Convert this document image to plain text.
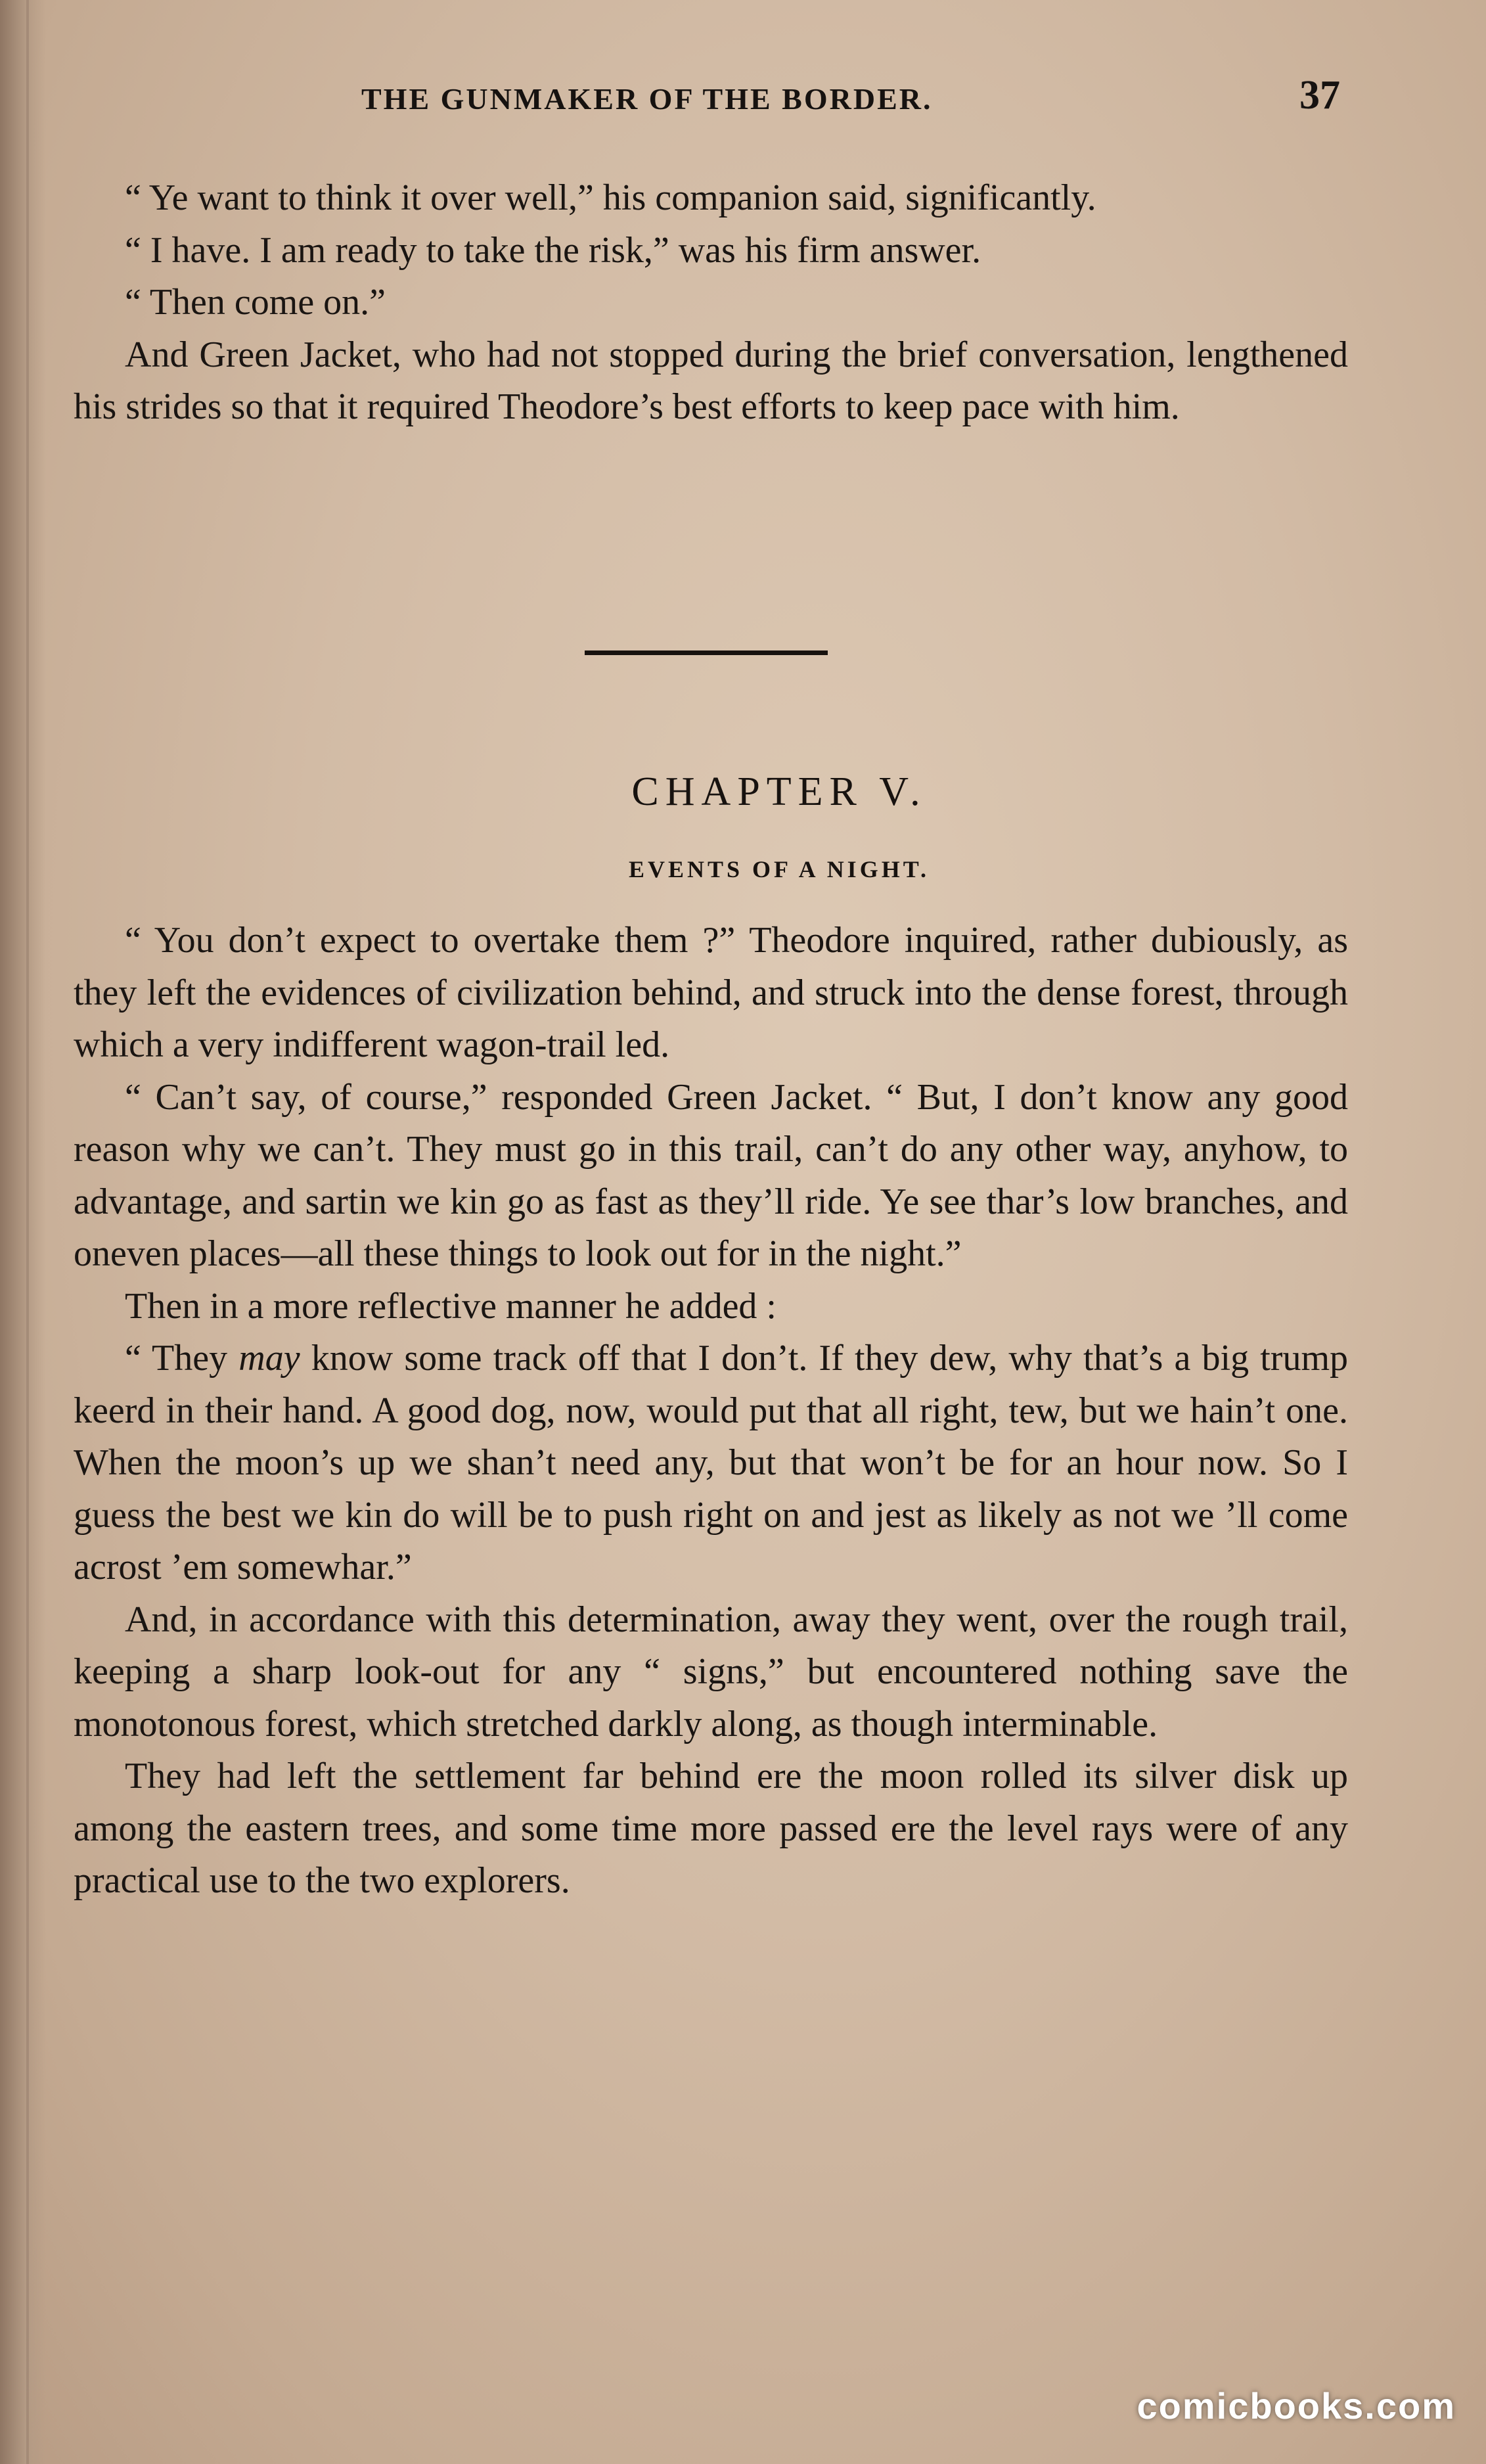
THE GUNMAKER OF THE BORDER.	37

“ Ye want to think it over well,” his companion said, significantly.

“ I have. I am ready to take the risk,” was his firm answer.

“ Then come on.”

And Green Jacket, who had not stopped during the brief conversation, lengthened his strides so that it required Theodore’s best efforts to keep pace with him.

CHAPTER V.
EVENTS OF A NIGHT.

“ You don’t expect to overtake them ?” Theodore inquired, rather dubiously, as they left the evidences of civilization behind, and struck into the dense forest, through which a very indifferent wagon-trail led.

“ Can’t say, of course,” responded Green Jacket. “ But, I don’t know any good reason why we can’t. They must go in this trail, can’t do any other way, anyhow, to advantage, and sartin we kin go as fast as they’ll ride. Ye see thar’s low branches, and oneven places—all these things to look out for in the night.”

Then in a more reflective manner he added :

“ They may know some track off that I don’t. If they dew, why that’s a big trump keerd in their hand. A good dog, now, would put that all right, tew, but we hain’t one. When the moon’s up we shan’t need any, but that won’t be for an hour now. So I guess the best we kin do will be to push right on and jest as likely as not we ’ll come acrost ’em somewhar.”

And, in accordance with this determination, away they went, over the rough trail, keeping a sharp look-out for any “ signs,” but encountered nothing save the monotonous forest, which stretched darkly along, as though interminable.

They had left the settlement far behind ere the moon rolled its silver disk up among the eastern trees, and some time more passed ere the level rays were of any practical use to the two explorers.

comicbooks.com
